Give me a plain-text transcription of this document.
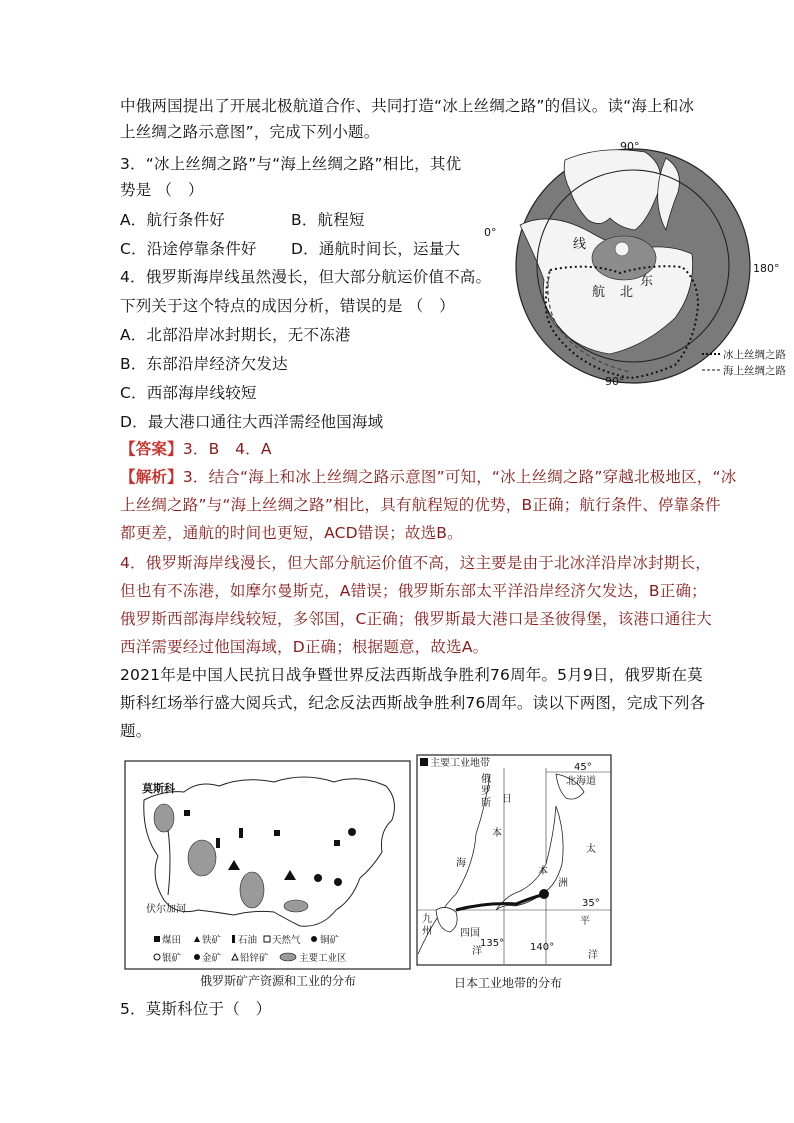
中俄两国提出了开展北极航道合作、共同打造“冰上丝绸之路”的倡议。读“海上和冰
上丝绸之路示意图”，完成下列小题。
3．“冰上丝绸之路”与“海上丝绸之路”相比，其优
势是 （　）
A．航行条件好	B．航程短
C．沿途停靠条件好 D．通航时间长，运量大
4．俄罗斯海岸线虽然漫长，但大部分航运价值不高。
下列关于这个特点的成因分析，错误的是 （　）
A．北部沿岸冰封期长，无不冻港
B．东部沿岸经济欠发达
C．西部海岸线较短
D．最大港口通往大西洋需经他国海域
90°
90°
0°
180°
线
航 北
东
冰上丝绸之路
海上丝绸之路
【答案】3．B　4．A
【解析】3．结合“海上和冰上丝绸之路示意图”可知，“冰上丝绸之路”穿越北极地区，“冰
上丝绸之路”与“海上丝绸之路”相比，具有航程短的优势，B正确；航行条件、停靠条件
都更差，通航的时间也更短，ACD错误；故选B。
4．俄罗斯海岸线漫长，但大部分航运价值不高，这主要是由于北冰洋沿岸冰封期长，
但也有不冻港，如摩尔曼斯克，A错误；俄罗斯东部太平洋沿岸经济欠发达，B正确；
俄罗斯西部海岸线较短，多邻国，C正确；俄罗斯最大港口是圣彼得堡，该港口通往大
西洋需要经过他国海域，D正确；根据题意，故选A。
2021年是中国人民抗日战争暨世界反法西斯战争胜利76周年。5月9日，俄罗斯在莫
斯科红场举行盛大阅兵式，纪念反法西斯战争胜利76周年。读以下两图，完成下列各
题。
莫斯科
伏尔加河
煤田 铁矿 石油 天然气 铜矿
银矿 金矿 铅锌矿	主要工业区
俄罗斯矿产资源和工业的分布
主要工业地带
俄
罗
斯 日
本
海
北海道
本
洲
太
平
洋
九
州	四国
洋
45°
35°
135°	140°
日本工业地带的分布
5．莫斯科位于（　）
